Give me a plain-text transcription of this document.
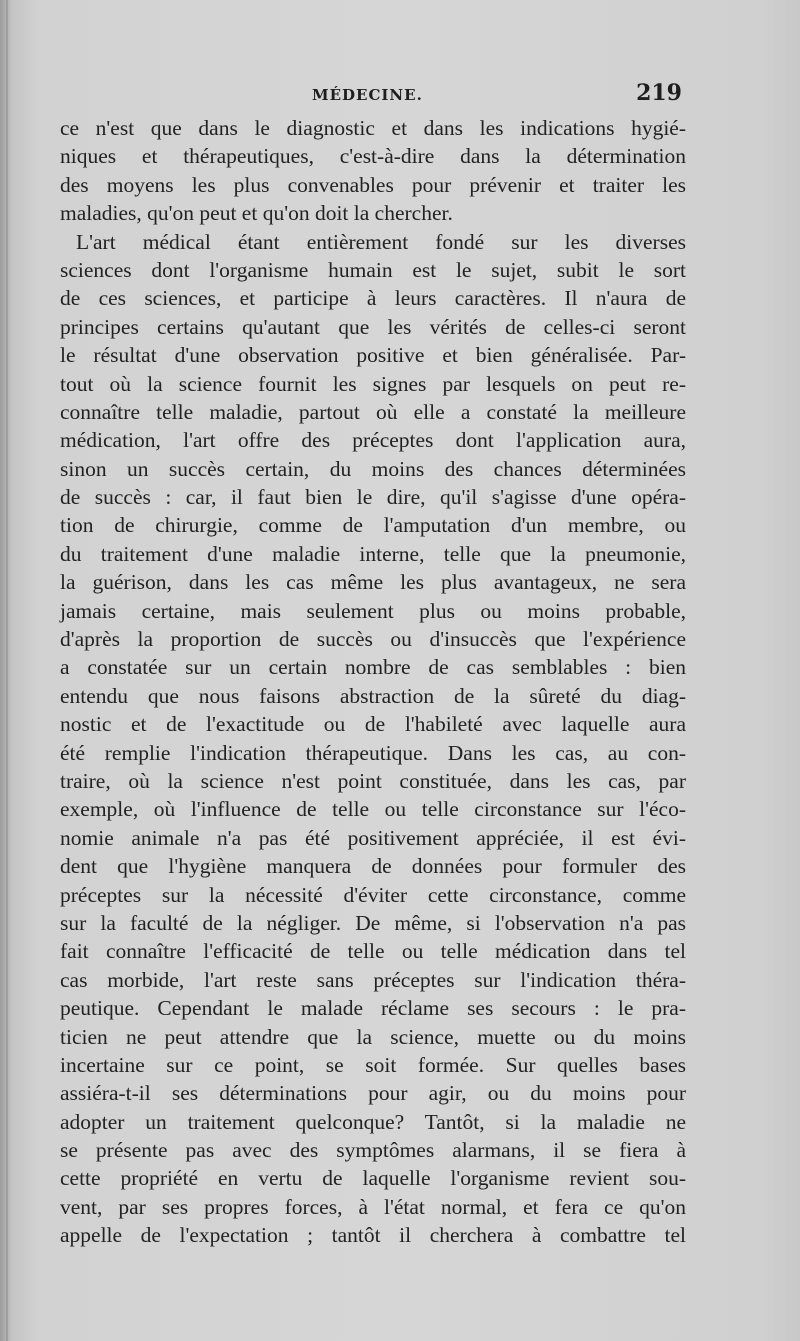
MÉDECINE.	219
ce n'est que dans le diagnostic et dans les indications hygié-
niques et thérapeutiques, c'est-à-dire dans la détermination
des moyens les plus convenables pour prévenir et traiter les
maladies, qu'on peut et qu'on doit la chercher.
L'art médical étant entièrement fondé sur les diverses
sciences dont l'organisme humain est le sujet, subit le sort
de ces sciences, et participe à leurs caractères. Il n'aura de
principes certains qu'autant que les vérités de celles-ci seront
le résultat d'une observation positive et bien généralisée. Par-
tout où la science fournit les signes par lesquels on peut re-
connaître telle maladie, partout où elle a constaté la meilleure
médication, l'art offre des préceptes dont l'application aura,
sinon un succès certain, du moins des chances déterminées
de succès : car, il faut bien le dire, qu'il s'agisse d'une opéra-
tion de chirurgie, comme de l'amputation d'un membre, ou
du traitement d'une maladie interne, telle que la pneumonie,
la guérison, dans les cas même les plus avantageux, ne sera
jamais certaine, mais seulement plus ou moins probable,
d'après la proportion de succès ou d'insuccès que l'expérience
a constatée sur un certain nombre de cas semblables : bien
entendu que nous faisons abstraction de la sûreté du diag-
nostic et de l'exactitude ou de l'habileté avec laquelle aura
été remplie l'indication thérapeutique. Dans les cas, au con-
traire, où la science n'est point constituée, dans les cas, par
exemple, où l'influence de telle ou telle circonstance sur l'éco-
nomie animale n'a pas été positivement appréciée, il est évi-
dent que l'hygiène manquera de données pour formuler des
préceptes sur la nécessité d'éviter cette circonstance, comme
sur la faculté de la négliger. De même, si l'observation n'a pas
fait connaître l'efficacité de telle ou telle médication dans tel
cas morbide, l'art reste sans préceptes sur l'indication théra-
peutique. Cependant le malade réclame ses secours : le pra-
ticien ne peut attendre que la science, muette ou du moins
incertaine sur ce point, se soit formée. Sur quelles bases
assiéra-t-il ses déterminations pour agir, ou du moins pour
adopter un traitement quelconque? Tantôt, si la maladie ne
se présente pas avec des symptômes alarmans, il se fiera à
cette propriété en vertu de laquelle l'organisme revient sou-
vent, par ses propres forces, à l'état normal, et fera ce qu'on
appelle de l'expectation ; tantôt il cherchera à combattre tel
